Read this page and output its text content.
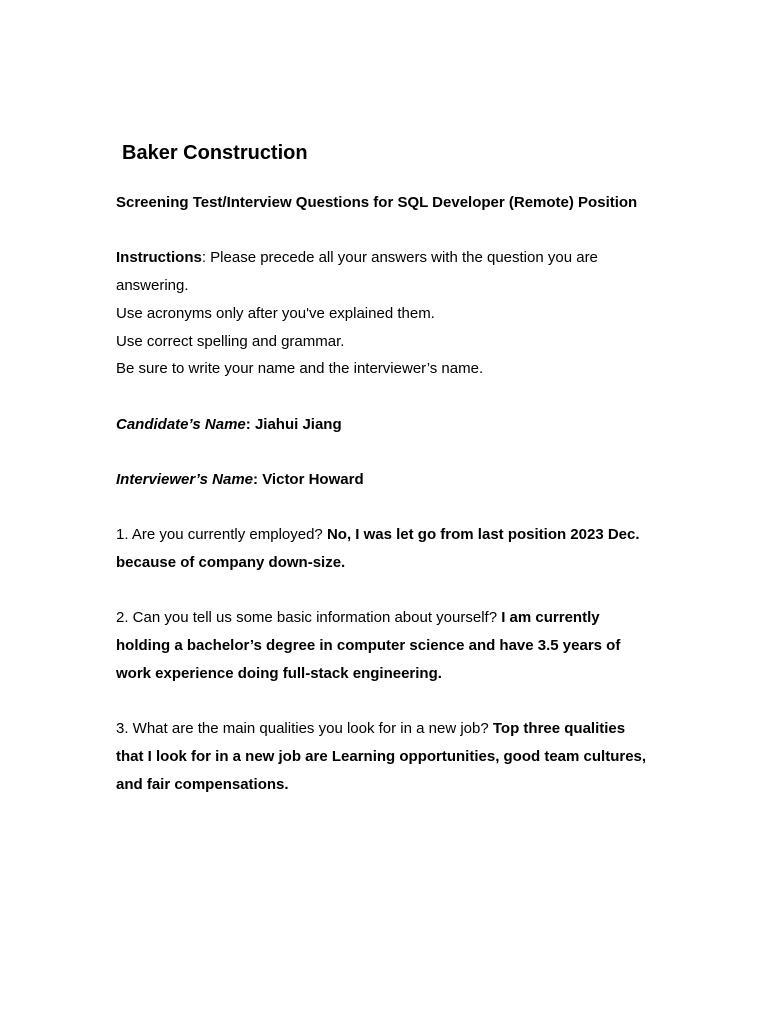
Baker Construction

Screening Test/Interview Questions for SQL Developer (Remote) Position

Instructions: Please precede all your answers with the question you are answering.

Use acronyms only after you've explained them.

Use correct spelling and grammar.

Be sure to write your name and the interviewer’s name.

Candidate’s Name: Jiahui Jiang

Interviewer’s Name: Victor Howard

1. Are you currently employed? No, I was let go from last position 2023 Dec. because of company down-size.

2. Can you tell us some basic information about yourself? I am currently holding a bachelor’s degree in computer science and have 3.5 years of work experience doing full-stack engineering.

3. What are the main qualities you look for in a new job? Top three qualities that I look for in a new job are Learning opportunities, good team cultures, and fair compensations.
